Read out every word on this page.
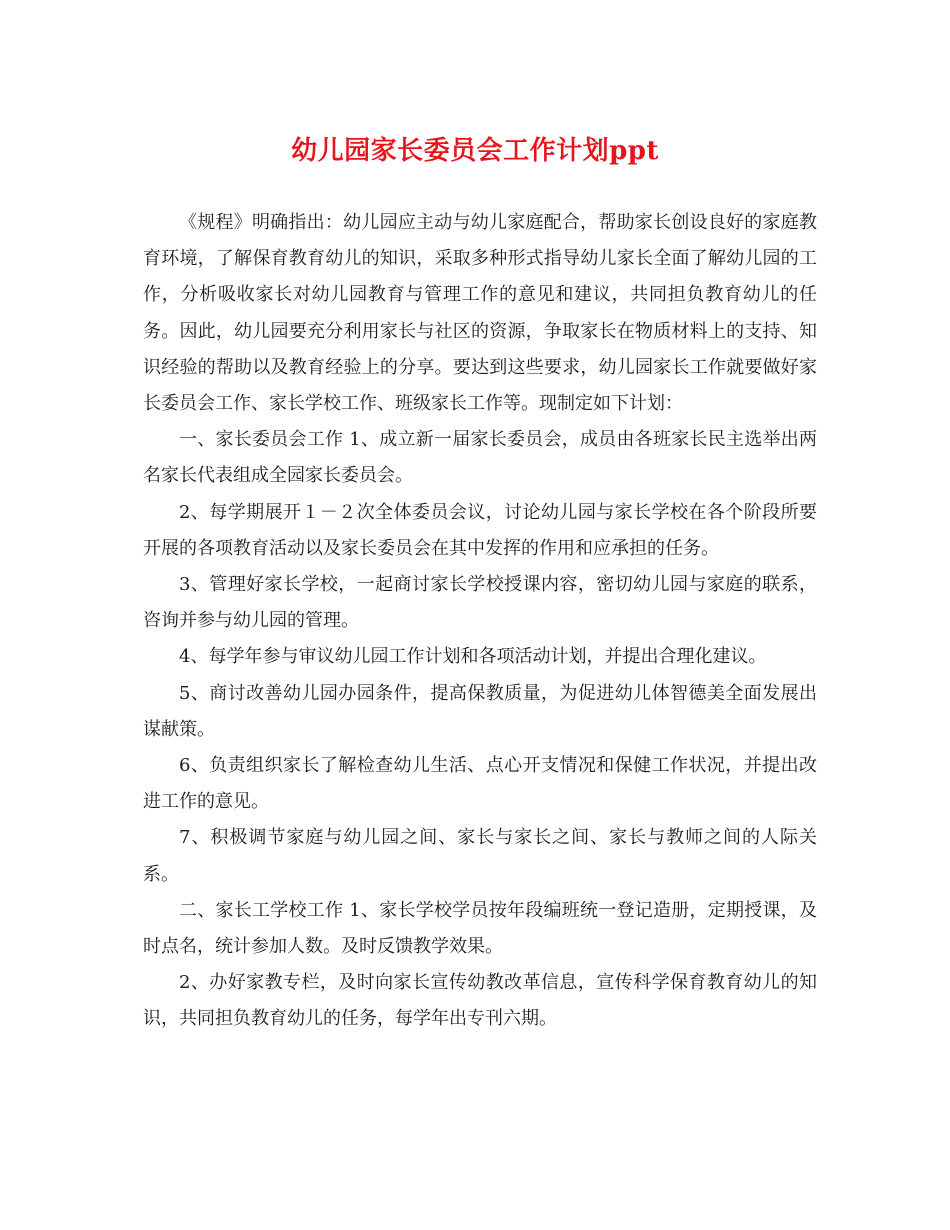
幼儿园家长委员会工作计划ppt

《规程》明确指出：幼儿园应主动与幼儿家庭配合，帮助家长创设良好的家庭教育环境，了解保育教育幼儿的知识，采取多种形式指导幼儿家长全面了解幼儿园的工作，分析吸收家长对幼儿园教育与管理工作的意见和建议，共同担负教育幼儿的任务。因此，幼儿园要充分利用家长与社区的资源，争取家长在物质材料上的支持、知识经验的帮助以及教育经验上的分享。要达到这些要求，幼儿园家长工作就要做好家长委员会工作、家长学校工作、班级家长工作等。现制定如下计划：

一、家长委员会工作 1、成立新一届家长委员会，成员由各班家长民主选举出两名家长代表组成全园家长委员会。

2、每学期展开１－２次全体委员会议，讨论幼儿园与家长学校在各个阶段所要开展的各项教育活动以及家长委员会在其中发挥的作用和应承担的任务。

3、管理好家长学校，一起商讨家长学校授课内容，密切幼儿园与家庭的联系，咨询并参与幼儿园的管理。

4、每学年参与审议幼儿园工作计划和各项活动计划，并提出合理化建议。

5、商讨改善幼儿园办园条件，提高保教质量，为促进幼儿体智德美全面发展出谋献策。

6、负责组织家长了解检查幼儿生活、点心开支情况和保健工作状况，并提出改进工作的意见。

7、积极调节家庭与幼儿园之间、家长与家长之间、家长与教师之间的人际关系。

二、家长工学校工作 1、家长学校学员按年段编班统一登记造册，定期授课，及时点名，统计参加人数。及时反馈教学效果。

2、办好家教专栏，及时向家长宣传幼教改革信息，宣传科学保育教育幼儿的知识，共同担负教育幼儿的任务，每学年出专刊六期。
